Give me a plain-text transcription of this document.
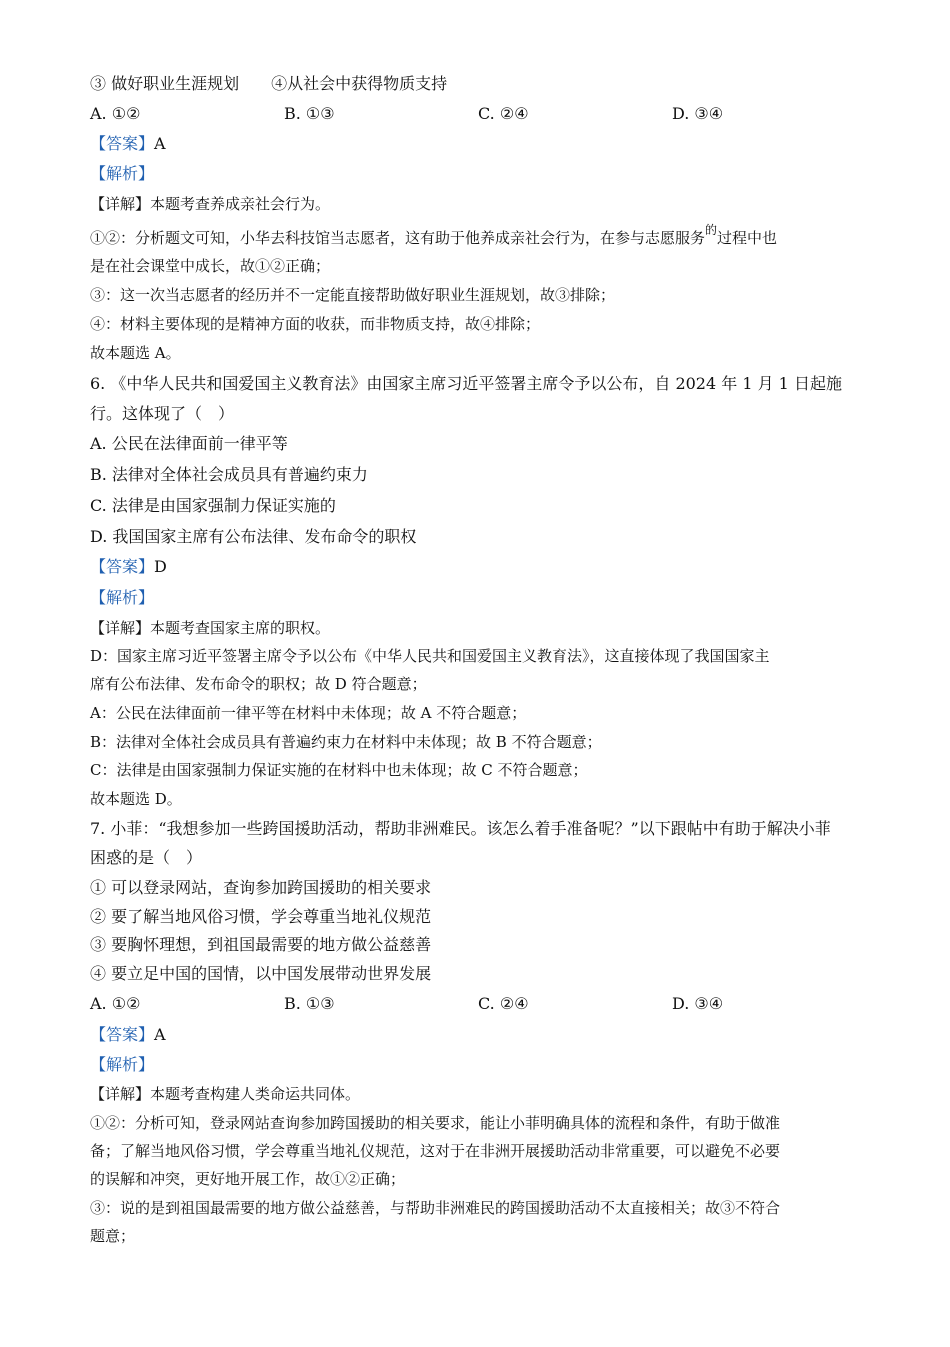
③ 做好职业生涯规划　　④从社会中获得物质支持
A. ①②	B. ①③	C. ②④	D. ③④
【答案】A
【解析】
【详解】本题考查养成亲社会行为。
①②：分析题文可知，小华去科技馆当志愿者，这有助于他养成亲社会行为，在参与志愿服务$^的$过程中也
是在社会课堂中成长，故①②正确；
③：这一次当志愿者的经历并不一定能直接帮助做好职业生涯规划，故③排除；
④：材料主要体现的是精神方面的收获，而非物质支持，故④排除；
故本题选 A。
6. 《中华人民共和国爱国主义教育法》由国家主席习近平签署主席令予以公布，自 2024 年 1 月 1 日起施
行。这体现了（　）
A. 公民在法律面前一律平等
B. 法律对全体社会成员具有普遍约束力
C. 法律是由国家强制力保证实施的
D. 我国国家主席有公布法律、发布命令的职权
【答案】D
【解析】
【详解】本题考查国家主席的职权。
D：国家主席习近平签署主席令予以公布《中华人民共和国爱国主义教育法》，这直接体现了我国国家主
席有公布法律、发布命令的职权；故 D 符合题意；
A：公民在法律面前一律平等在材料中未体现；故 A 不符合题意；
B：法律对全体社会成员具有普遍约束力在材料中未体现；故 B 不符合题意；
C：法律是由国家强制力保证实施的在材料中也未体现；故 C 不符合题意；
故本题选 D。
7. 小菲：“我想参加一些跨国援助活动，帮助非洲难民。该怎么着手准备呢？”以下跟帖中有助于解决小菲
困惑的是（　）
① 可以登录网站，查询参加跨国援助的相关要求
② 要了解当地风俗习惯，学会尊重当地礼仪规范
③ 要胸怀理想，到祖国最需要的地方做公益慈善
④ 要立足中国的国情，以中国发展带动世界发展
A. ①②	B. ①③	C. ②④	D. ③④
【答案】A
【解析】
【详解】本题考查构建人类命运共同体。
①②：分析可知，登录网站查询参加跨国援助的相关要求，能让小菲明确具体的流程和条件，有助于做准
备；了解当地风俗习惯，学会尊重当地礼仪规范，这对于在非洲开展援助活动非常重要，可以避免不必要
的误解和冲突，更好地开展工作，故①②正确；
③：说的是到祖国最需要的地方做公益慈善，与帮助非洲难民的跨国援助活动不太直接相关；故③不符合
题意；
